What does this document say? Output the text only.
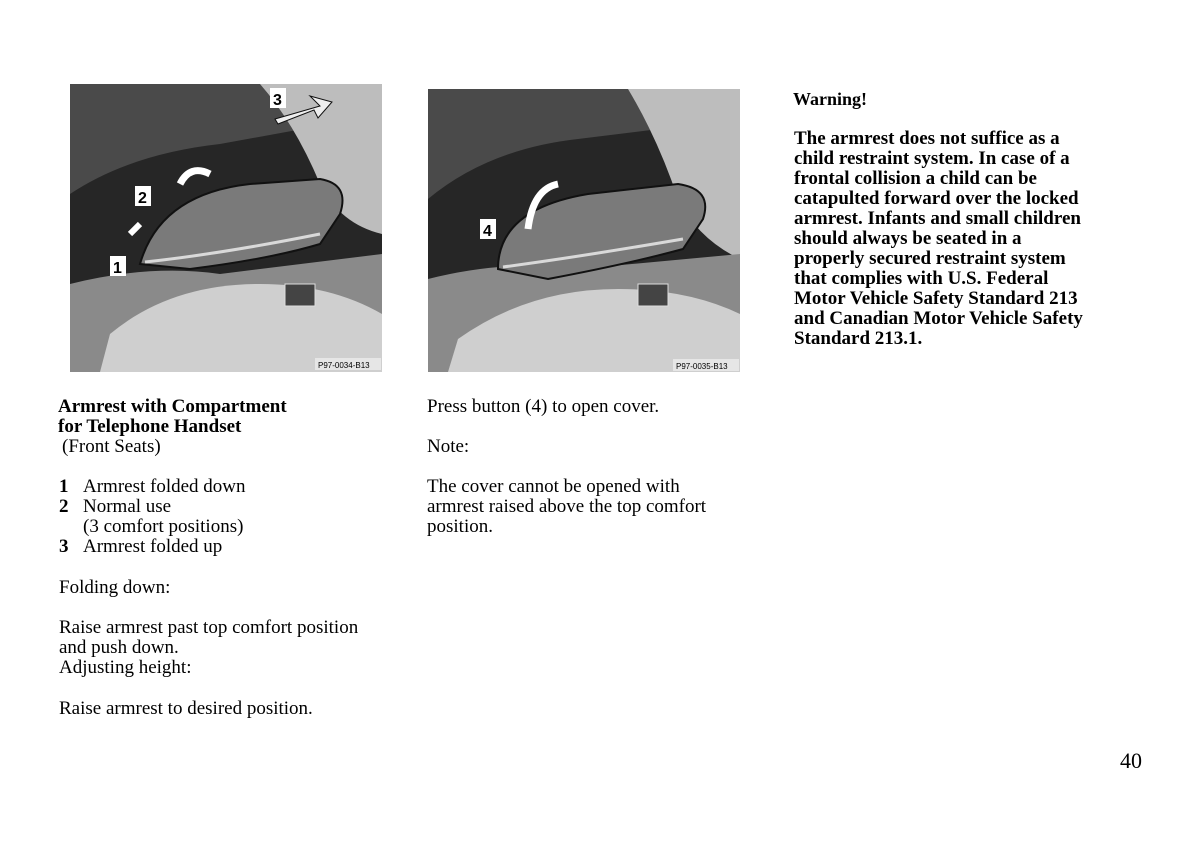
2
1
3
P97-0034-B13
4
P97-0035-B13
Armrest with Compartment
for Telephone Handset
(Front Seats)
1 Armrest folded down
2 Normal use
(3 comfort positions)
3 Armrest folded up
Folding down:
Raise armrest past top comfort position
and push down.
Adjusting height:
Raise armrest to desired position.
Press button (4) to open cover.
Note:
The cover cannot be opened with
armrest raised above the top comfort
position.
Warning!
The armrest does not suffice as a
child restraint system. In case of a
frontal collision a child can be
catapulted forward over the locked
armrest. Infants and small children
should always be seated in a
properly secured restraint system
that complies with U.S. Federal
Motor Vehicle Safety Standard 213
and Canadian Motor Vehicle Safety
Standard 213.1.
40
